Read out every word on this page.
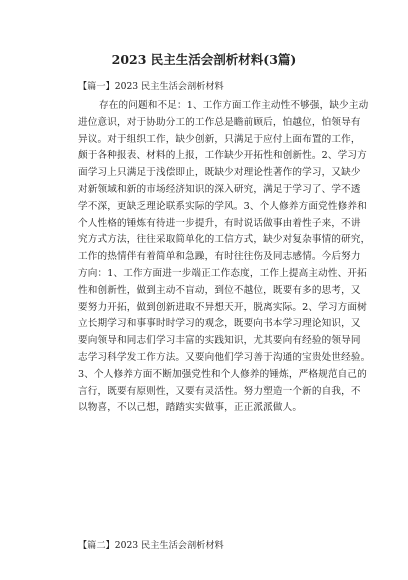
2023 民主生活会剖析材料(3篇)
【篇一】2023 民主生活会剖析材料
存在的问题和不足：1、工作方面工作主动性不够强，缺少主动
进位意识，对于协助分工的工作总是瞻前顾后，怕越位，怕领导有
异议。对于组织工作，缺少创新，只满足于应付上面布置的工作，
颇于各种报表、材料的上报，工作缺少开拓性和创新性。2、学习方
面学习上只满足于浅偿即止，既缺少对理论性著作的学习，又缺少
对新领域和新的市场经济知识的深入研究，满足于学习了、学不透
学不深，更缺乏理论联系实际的学风。3、个人修养方面党性修养和
个人性格的锤炼有待进一步提升，有时说话做事由着性子来，不讲
究方式方法，往往采取简单化的工信方式，缺少对复杂事情的研究，
工作的热情伴有着简单和急躁，有时往往伤及同志感情。今后努力
方向：1、工作方面进一步端正工作态度，工作上提高主动性、开拓
性和创新性，做到主动不盲动，到位不越位，既要有多的思考，又
要努力开拓，做到创新进取不异想天开，脱离实际。2、学习方面树
立长期学习和事事时时学习的观念，既要向书本学习理论知识，又
要向领导和同志们学习丰富的实践知识，尤其要向有经验的领导同
志学习科学发工作方法。又要向他们学习善于沟通的宝贵处世经验。
3、个人修养方面不断加强党性和个人修养的锤炼，严格规范自己的
言行，既要有原则性，又要有灵活性。努力塑造一个新的自我，不
以物喜，不以己想，踏踏实实做事，正正派派做人。
【篇二】2023 民主生活会剖析材料
